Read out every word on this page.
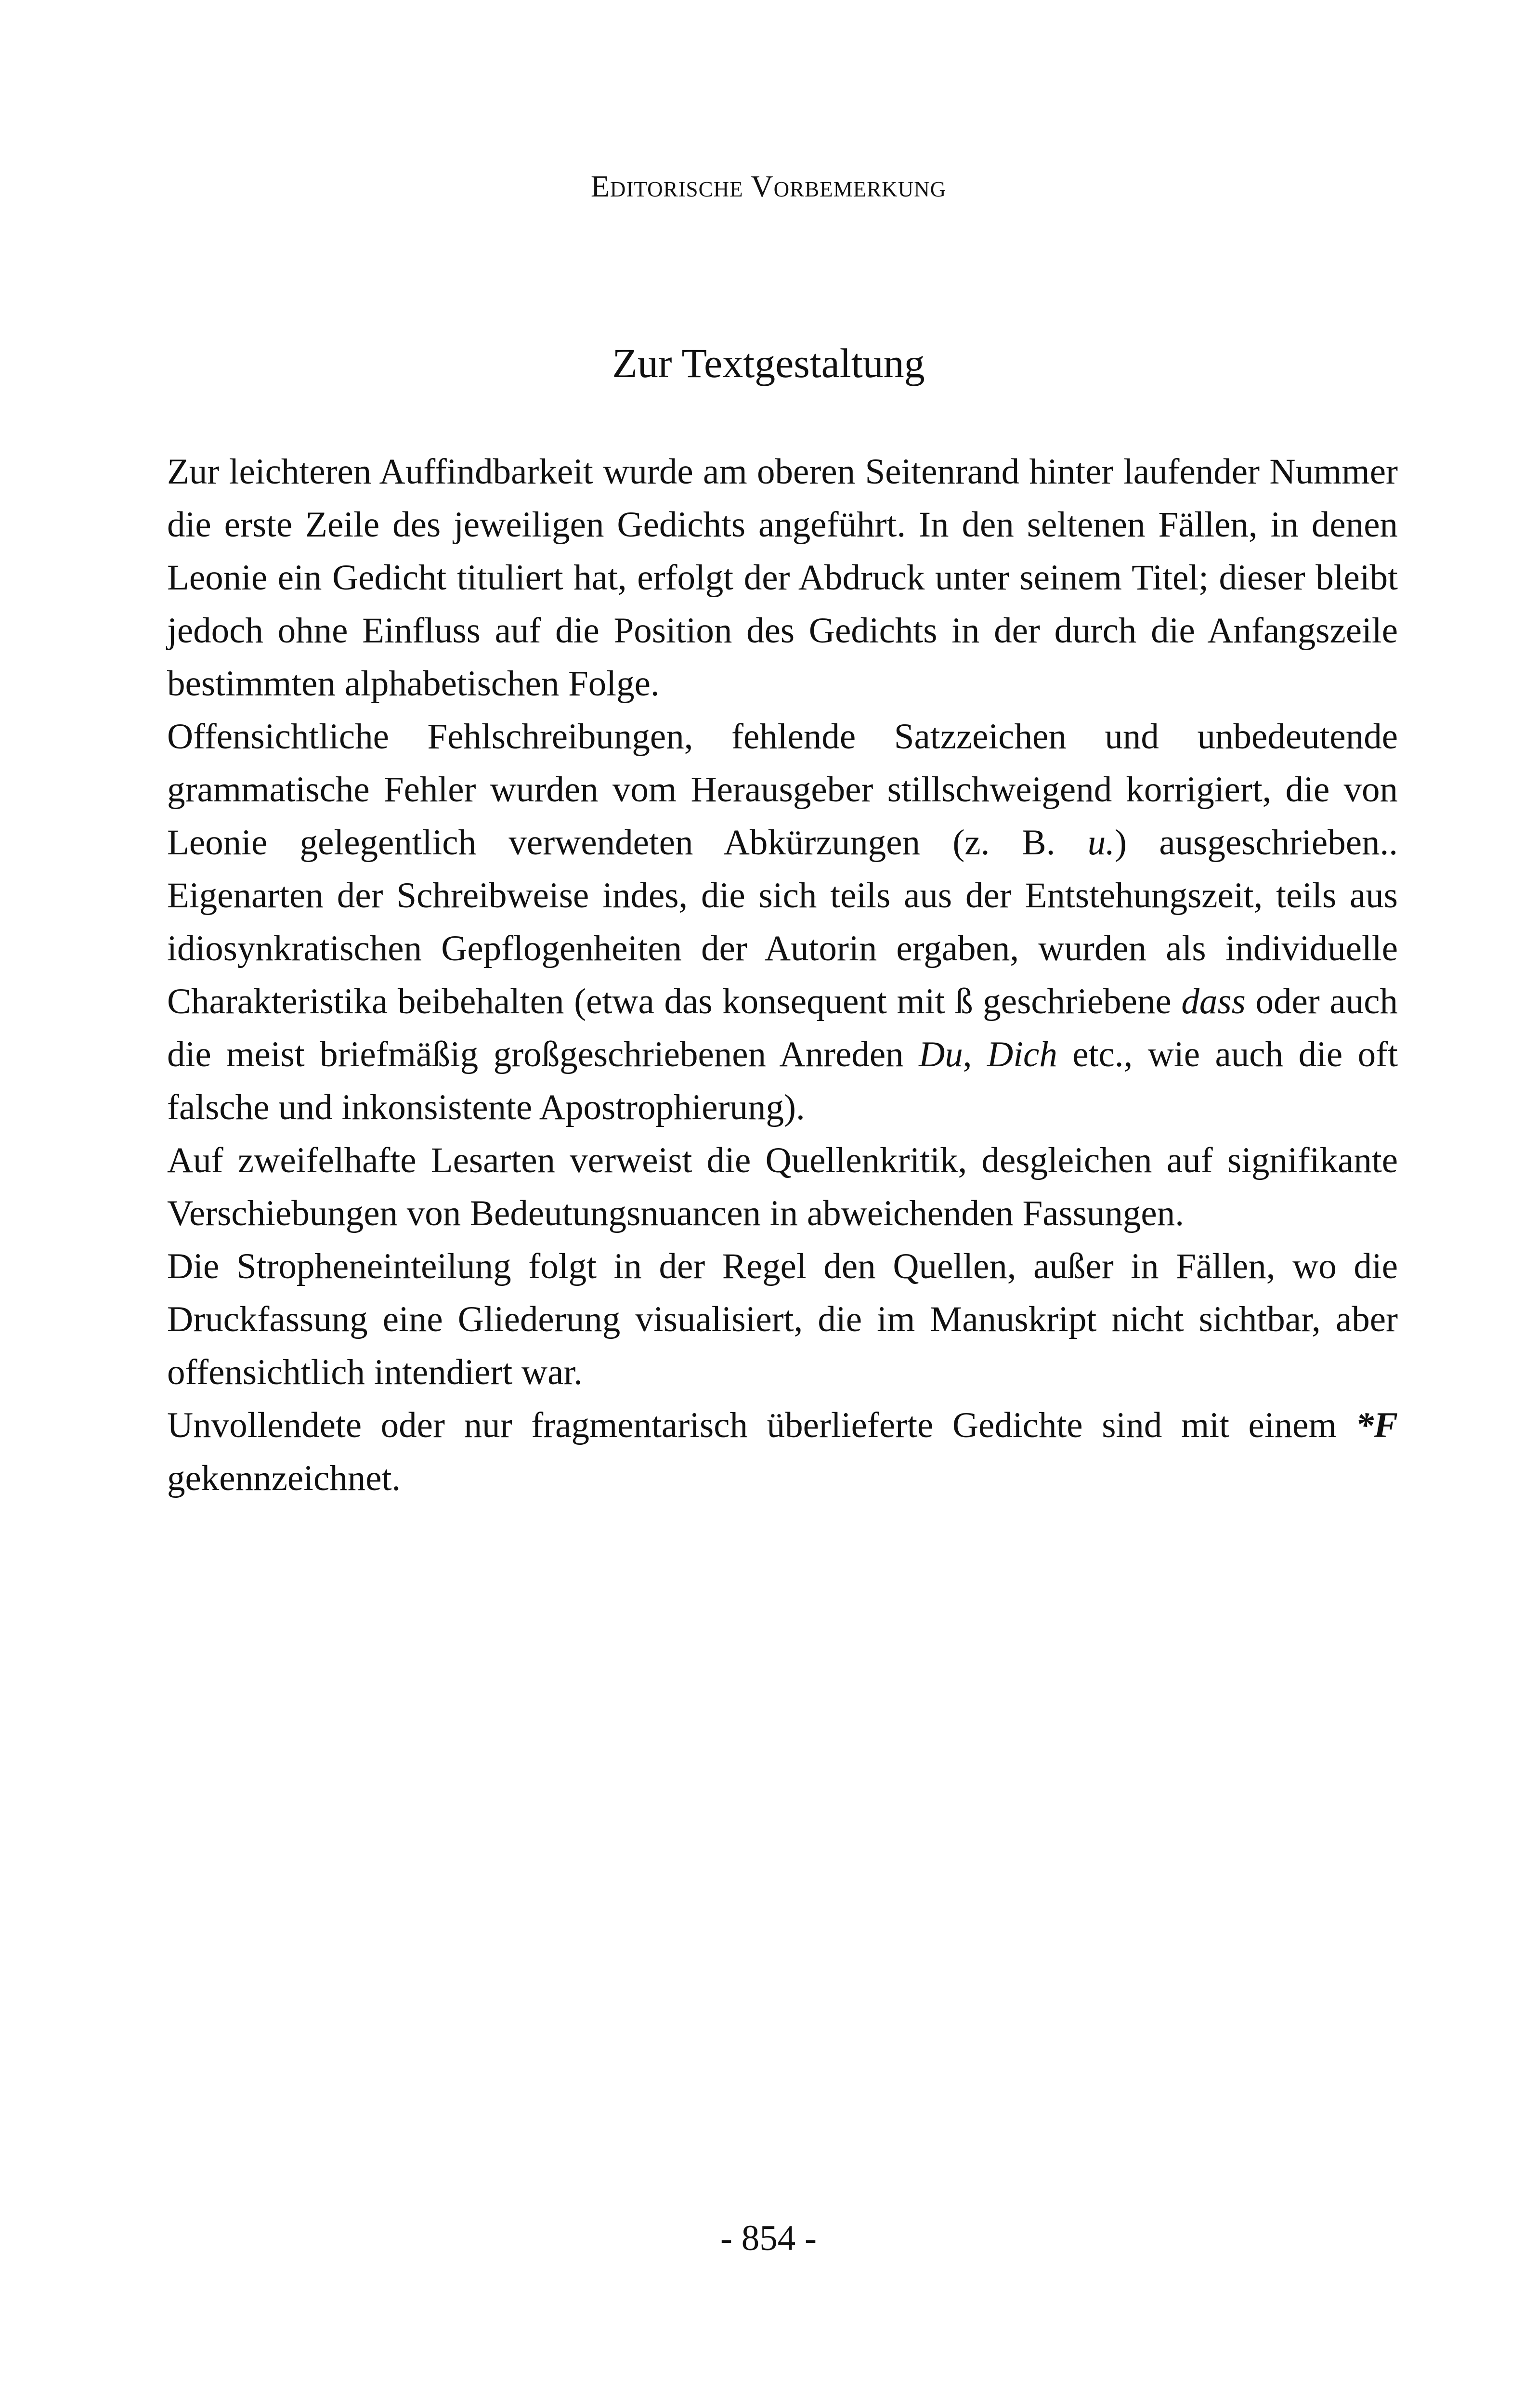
Editorische Vorbemerkung
Zur Textgestaltung

Zur leichteren Auffindbarkeit wurde am oberen Seitenrand hinter laufender Nummer die erste Zeile des jeweiligen Gedichts angeführt. In den seltenen Fällen, in denen Leonie ein Gedicht tituliert hat, erfolgt der Abdruck unter seinem Titel; dieser bleibt jedoch ohne Einfluss auf die Position des Gedichts in der durch die Anfangszeile bestimmten alphabetischen Folge.

Offensichtliche Fehlschreibungen, fehlende Satzzeichen und unbedeutende grammatische Fehler wurden vom Herausgeber stillschweigend korrigiert, die von Leonie gelegentlich verwendeten Abkürzungen (z. B. u.) ausgeschrieben.. Eigenarten der Schreibweise indes, die sich teils aus der Entstehungszeit, teils aus idiosynkratischen Gepflogenheiten der Autorin ergaben, wurden als individuelle Charakteristika beibehalten (etwa das konsequent mit ß geschriebene dass oder auch die meist briefmäßig großgeschriebenen Anreden Du, Dich etc., wie auch die oft falsche und inkonsistente Apostrophierung).

Auf zweifelhafte Lesarten verweist die Quellenkritik, desgleichen auf signifikante Verschiebungen von Bedeutungsnuancen in abweichenden Fassungen.

Die Stropheneinteilung folgt in der Regel den Quellen, außer in Fällen, wo die Druckfassung eine Gliederung visualisiert, die im Manuskript nicht sichtbar, aber offensichtlich intendiert war.

Unvollendete oder nur fragmentarisch überlieferte Gedichte sind mit einem *F gekennzeichnet.

- 854 -
